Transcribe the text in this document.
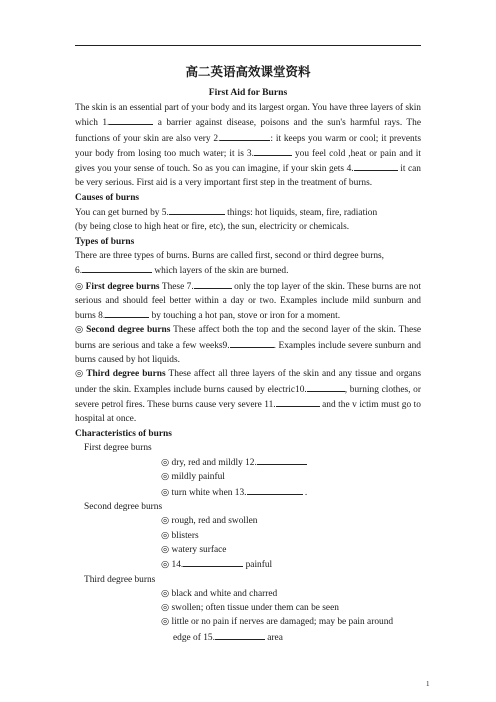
高二英语高效课堂资料
First Aid for Burns

The skin is an essential part of your body and its largest organ. You have three layers of skin which 1.	a barrier against disease, poisons and the sun's harmful rays. The functions of your skin are also very 2.	: it keeps you warm or cool; it prevents your body from losing too much water; it is 3.	you feel cold ,heat or pain and it gives you your sense of touch. So as you can imagine, if your skin gets 4.	it can be very serious. First aid is a very important first step in the treatment of burns.

Causes of burns

You can get burned by 5.	things: hot liquids, steam, fire, radiation
(by being close to high heat or fire, etc), the sun, electricity or chemicals.

Types of burns

There are three types of burns. Burns are called first, second or third degree burns,
6.	which layers of the skin are burned.

◎ First degree burns These 7.	only the top layer of the skin. These burns are not serious and should feel better within a day or two. Examples include mild sunburn and burns 8.	by touching a hot pan, stove or iron for a moment.

◎ Second degree burns These affect both the top and the second layer of the skin. These burns are serious and take a few weeks9.	. Examples include severe sunburn and burns caused by hot liquids.

◎ Third degree burns These affect all three layers of the skin and any tissue and organs under the skin. Examples include burns caused by electric10.	, burning clothes, or severe petrol fires. These burns cause very severe 11.	and the v ictim must go to hospital at once.

Characteristics of burns

First degree burns
◎ dry, red and mildly 12.
◎ mildly painful
◎ turn white when 13.	.
Second degree burns
◎ rough, red and swollen
◎ blisters
◎ watery surface
◎ 14.	painful
Third degree burns
◎ black and white and charred
◎ swollen; often tissue under them can be seen
◎ little or no pain if nerves are damaged; may be pain around
edge of 15.	area
1
